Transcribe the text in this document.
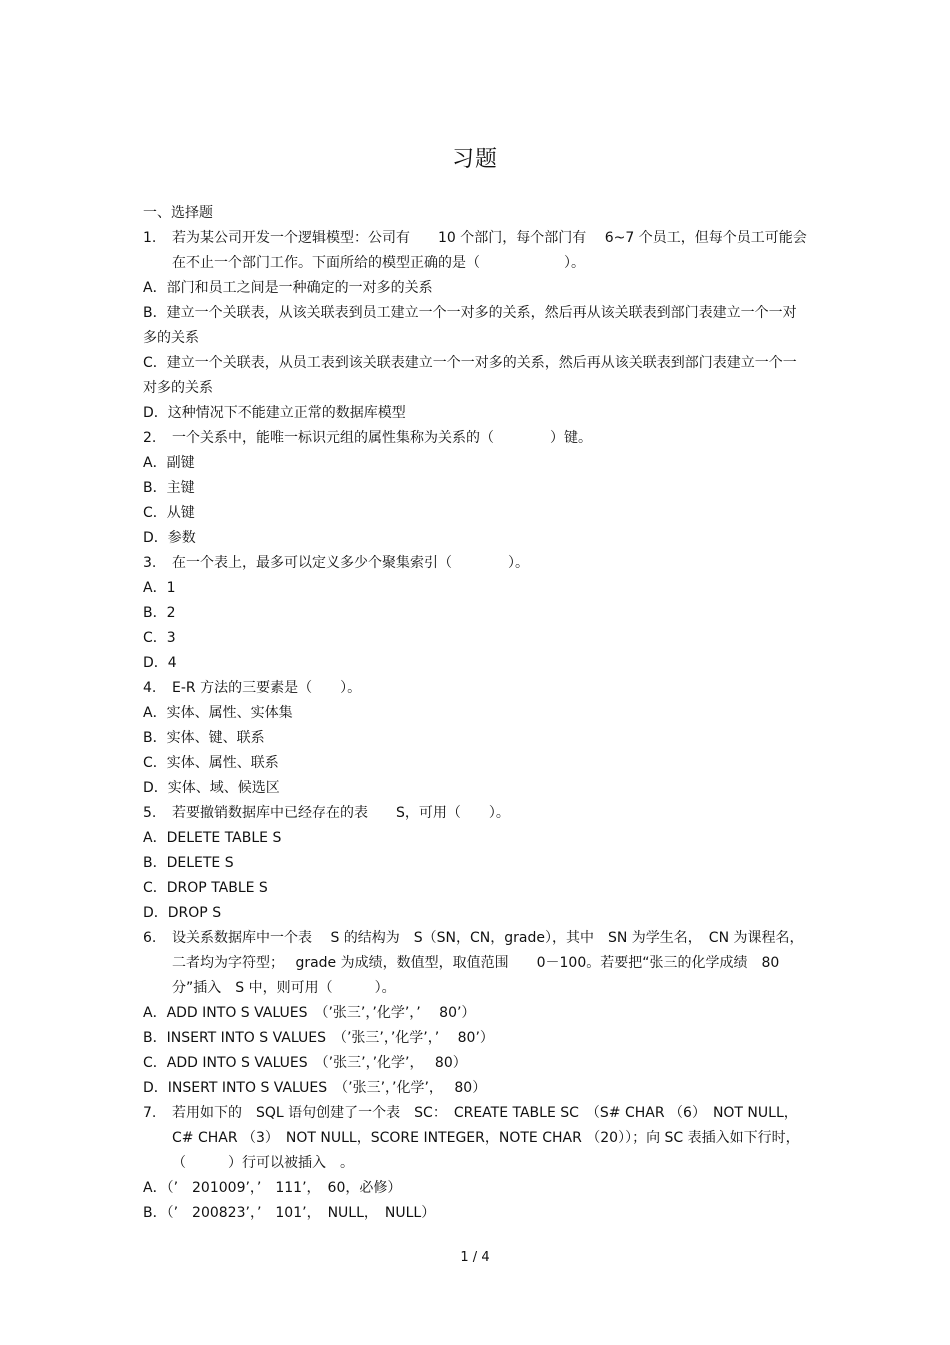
习题
一、选择题
1.	若为某公司开发一个逻辑模型：公司有　　10 个部门，每个部门有　 6~7 个员工，但每个员工可能会在不止一个部门工作。下面所给的模型正确的是（　　　　　　）。
A．部门和员工之间是一种确定的一对多的关系
B．建立一个关联表，从该关联表到员工建立一个一对多的关系，然后再从该关联表到部门表建立一个一对多的关系
C．建立一个关联表，从员工表到该关联表建立一个一对多的关系，然后再从该关联表到部门表建立一个一对多的关系
D．这种情况下不能建立正常的数据库模型
2.	一个关系中，能唯一标识元组的属性集称为关系的（　　　　）键。
A．副键
B．主键
C．从键
D．参数
3.	在一个表上，最多可以定义多少个聚集索引（　　　　）。
A．1
B．2
C．3
D．4
4.	E-R 方法的三要素是（　　）。
A．实体、属性、实体集
B．实体、键、联系
C．实体、属性、联系
D．实体、域、候选区
5.	若要撤销数据库中已经存在的表　　S，可用（　　）。
A．DELETE TABLE S
B．DELETE S
C．DROP TABLE S
D．DROP S
6.	设关系数据库中一个表　 S 的结构为　S（SN，CN，grade），其中　SN 为学生名，　CN 为课程名，二者均为字符型；　 grade 为成绩，数值型，取值范围　　0－100。若要把“张三的化学成绩　80 分”插入　S 中，则可用（　　　）。
A．ADD INTO S VALUES　（’张三’，’化学’，’　 80’）
B．INSERT INTO S VALUES　（’张三’，’化学’，’　 80’）
C．ADD INTO S VALUES　（’张三’，’化学’，　 80）
D．INSERT INTO S VALUES　（’张三’，’化学’，　 80）
7.	若用如下的　SQL 语句创建了一个表　SC：　CREATE TABLE SC　（S# CHAR （6）　NOT NULL，C# CHAR （3）　NOT NULL，SCORE INTEGER，NOTE CHAR （20））；向 SC 表插入如下行时，（　　　）行可以被插入　。
A．（’　201009’，’　111’，　60，必修）
B．（’　200823’，’　101’，　NULL，　NULL）
1 / 4
